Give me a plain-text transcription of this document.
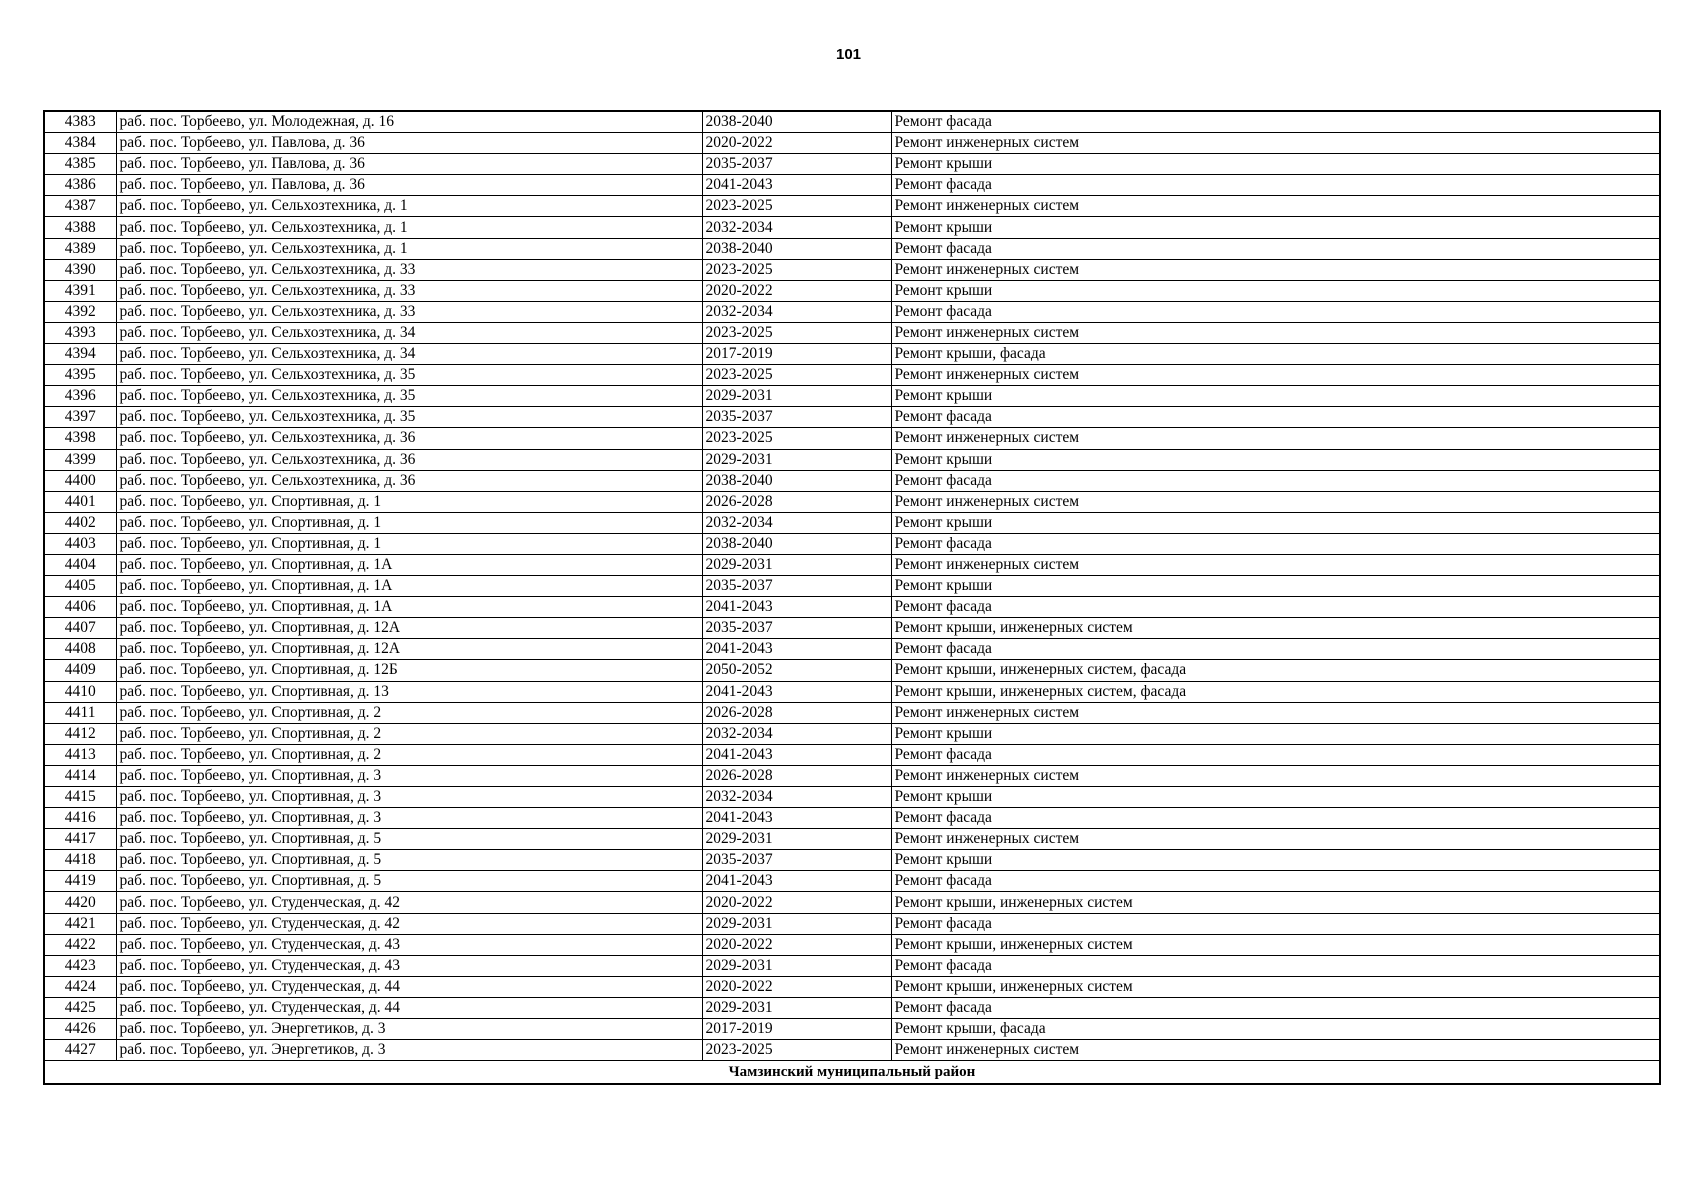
101
4383	раб. пос. Торбеево, ул. Молодежная, д. 16	2038-2040	Ремонт фасада
4384	раб. пос. Торбеево, ул. Павлова, д. 36	2020-2022	Ремонт инженерных систем
4385	раб. пос. Торбеево, ул. Павлова, д. 36	2035-2037	Ремонт крыши
4386	раб. пос. Торбеево, ул. Павлова, д. 36	2041-2043	Ремонт фасада
4387	раб. пос. Торбеево, ул. Сельхозтехника, д. 1	2023-2025	Ремонт инженерных систем
4388	раб. пос. Торбеево, ул. Сельхозтехника, д. 1	2032-2034	Ремонт крыши
4389	раб. пос. Торбеево, ул. Сельхозтехника, д. 1	2038-2040	Ремонт фасада
4390	раб. пос. Торбеево, ул. Сельхозтехника, д. 33	2023-2025	Ремонт инженерных систем
4391	раб. пос. Торбеево, ул. Сельхозтехника, д. 33	2020-2022	Ремонт крыши
4392	раб. пос. Торбеево, ул. Сельхозтехника, д. 33	2032-2034	Ремонт фасада
4393	раб. пос. Торбеево, ул. Сельхозтехника, д. 34	2023-2025	Ремонт инженерных систем
4394	раб. пос. Торбеево, ул. Сельхозтехника, д. 34	2017-2019	Ремонт крыши, фасада
4395	раб. пос. Торбеево, ул. Сельхозтехника, д. 35	2023-2025	Ремонт инженерных систем
4396	раб. пос. Торбеево, ул. Сельхозтехника, д. 35	2029-2031	Ремонт крыши
4397	раб. пос. Торбеево, ул. Сельхозтехника, д. 35	2035-2037	Ремонт фасада
4398	раб. пос. Торбеево, ул. Сельхозтехника, д. 36	2023-2025	Ремонт инженерных систем
4399	раб. пос. Торбеево, ул. Сельхозтехника, д. 36	2029-2031	Ремонт крыши
4400	раб. пос. Торбеево, ул. Сельхозтехника, д. 36	2038-2040	Ремонт фасада
4401	раб. пос. Торбеево, ул. Спортивная, д. 1	2026-2028	Ремонт инженерных систем
4402	раб. пос. Торбеево, ул. Спортивная, д. 1	2032-2034	Ремонт крыши
4403	раб. пос. Торбеево, ул. Спортивная, д. 1	2038-2040	Ремонт фасада
4404	раб. пос. Торбеево, ул. Спортивная, д. 1А	2029-2031	Ремонт инженерных систем
4405	раб. пос. Торбеево, ул. Спортивная, д. 1А	2035-2037	Ремонт крыши
4406	раб. пос. Торбеево, ул. Спортивная, д. 1А	2041-2043	Ремонт фасада
4407	раб. пос. Торбеево, ул. Спортивная, д. 12А	2035-2037	Ремонт крыши, инженерных систем
4408	раб. пос. Торбеево, ул. Спортивная, д. 12А	2041-2043	Ремонт фасада
4409	раб. пос. Торбеево, ул. Спортивная, д. 12Б	2050-2052	Ремонт крыши, инженерных систем, фасада
4410	раб. пос. Торбеево, ул. Спортивная, д. 13	2041-2043	Ремонт крыши, инженерных систем, фасада
4411	раб. пос. Торбеево, ул. Спортивная, д. 2	2026-2028	Ремонт инженерных систем
4412	раб. пос. Торбеево, ул. Спортивная, д. 2	2032-2034	Ремонт крыши
4413	раб. пос. Торбеево, ул. Спортивная, д. 2	2041-2043	Ремонт фасада
4414	раб. пос. Торбеево, ул. Спортивная, д. 3	2026-2028	Ремонт инженерных систем
4415	раб. пос. Торбеево, ул. Спортивная, д. 3	2032-2034	Ремонт крыши
4416	раб. пос. Торбеево, ул. Спортивная, д. 3	2041-2043	Ремонт фасада
4417	раб. пос. Торбеево, ул. Спортивная, д. 5	2029-2031	Ремонт инженерных систем
4418	раб. пос. Торбеево, ул. Спортивная, д. 5	2035-2037	Ремонт крыши
4419	раб. пос. Торбеево, ул. Спортивная, д. 5	2041-2043	Ремонт фасада
4420	раб. пос. Торбеево, ул. Студенческая, д. 42	2020-2022	Ремонт крыши, инженерных систем
4421	раб. пос. Торбеево, ул. Студенческая, д. 42	2029-2031	Ремонт фасада
4422	раб. пос. Торбеево, ул. Студенческая, д. 43	2020-2022	Ремонт крыши, инженерных систем
4423	раб. пос. Торбеево, ул. Студенческая, д. 43	2029-2031	Ремонт фасада
4424	раб. пос. Торбеево, ул. Студенческая, д. 44	2020-2022	Ремонт крыши, инженерных систем
4425	раб. пос. Торбеево, ул. Студенческая, д. 44	2029-2031	Ремонт фасада
4426	раб. пос. Торбеево, ул. Энергетиков, д. 3	2017-2019	Ремонт крыши, фасада
4427	раб. пос. Торбеево, ул. Энергетиков, д. 3	2023-2025	Ремонт инженерных систем
Чамзинский муниципальный район			
